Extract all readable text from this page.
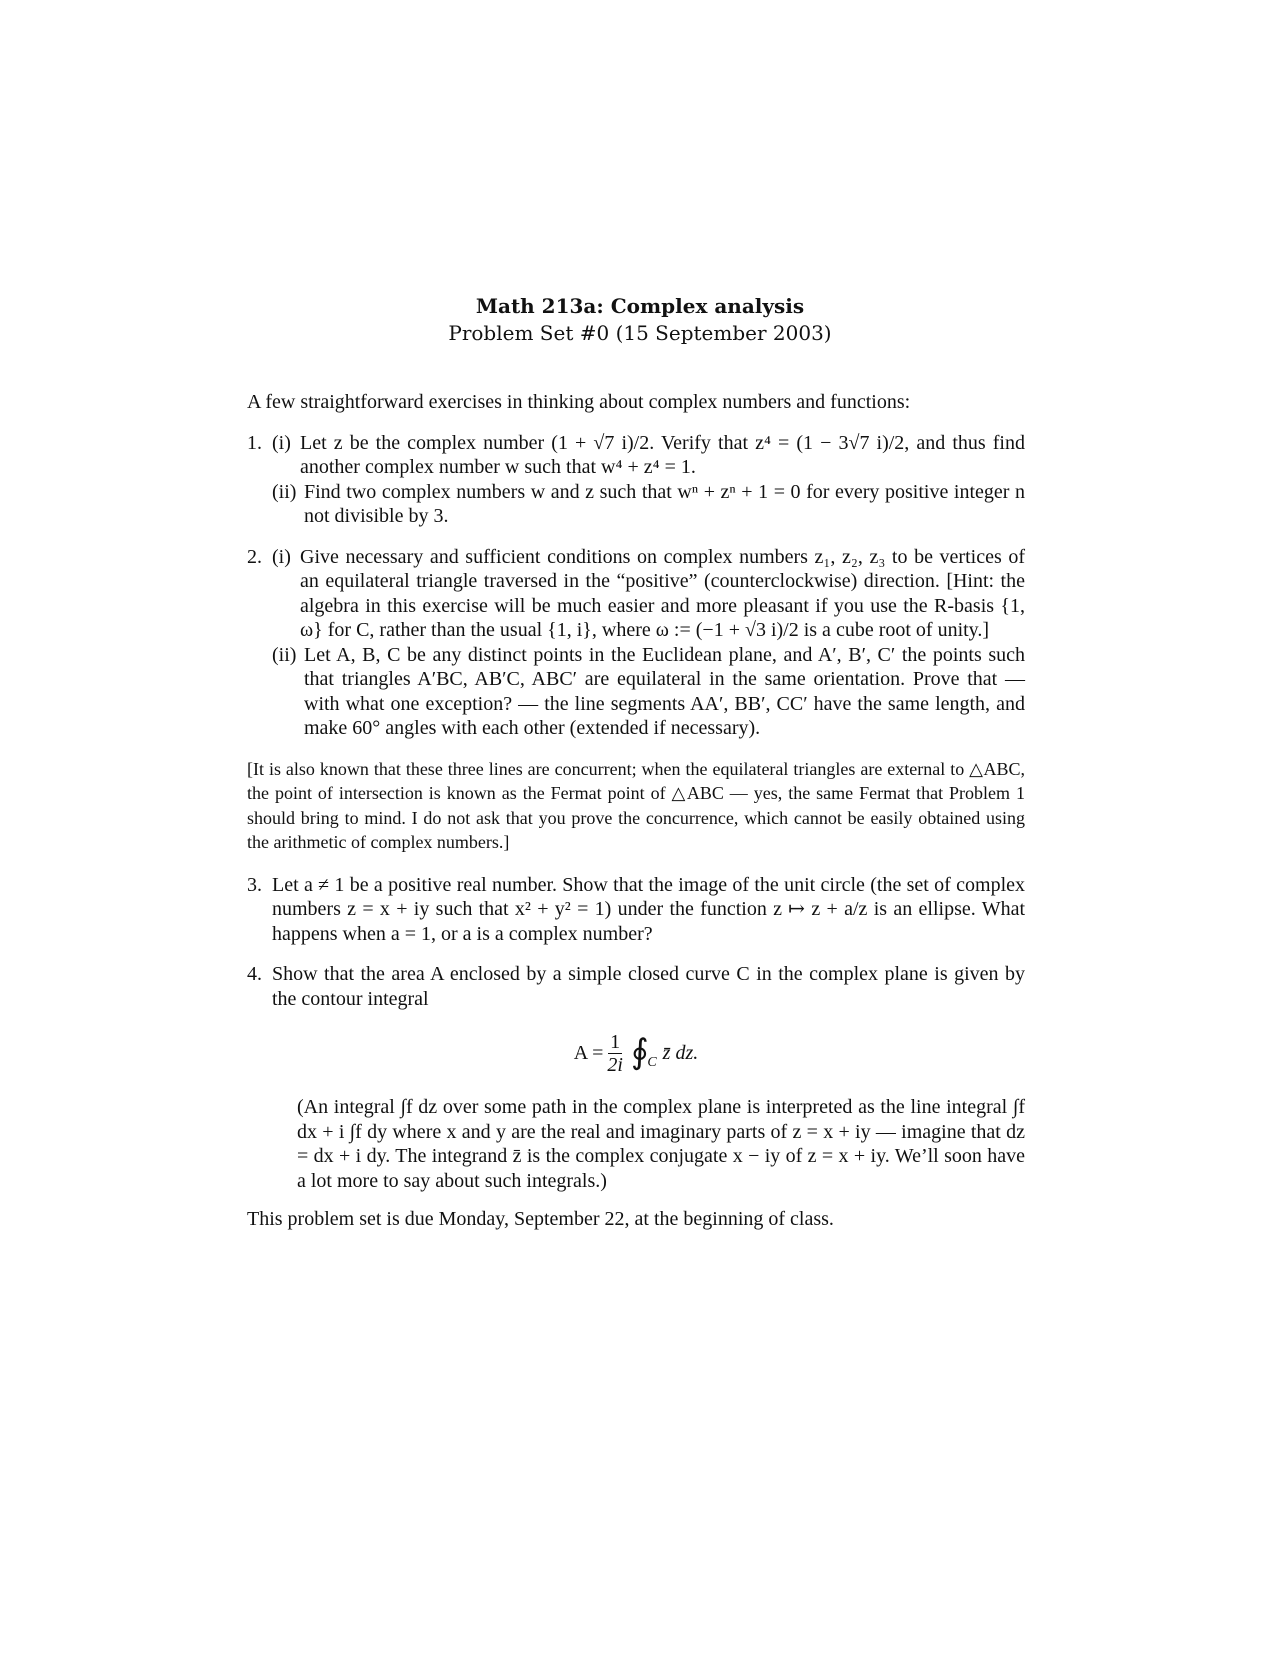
Math 213a: Complex analysis
Problem Set #0 (15 September 2003)

A few straightforward exercises in thinking about complex numbers and functions:

1. (i) Let z be the complex number (1 + √7 i)/2. Verify that z⁴ = (1 − 3√7 i)/2, and thus find another complex number w such that w⁴ + z⁴ = 1.
(ii) Find two complex numbers w and z such that wⁿ + zⁿ + 1 = 0 for every positive integer n not divisible by 3.
2. (i) Give necessary and sufficient conditions on complex numbers z₁, z₂, z₃ to be vertices of an equilateral triangle traversed in the “positive” (counterclockwise) direction. [Hint: the algebra in this exercise will be much easier and more pleasant if you use the R-basis {1, ω} for C, rather than the usual {1, i}, where ω := (−1 + √3 i)/2 is a cube root of unity.]
(ii) Let A, B, C be any distinct points in the Euclidean plane, and A′, B′, C′ the points such that triangles A′BC, AB′C, ABC′ are equilateral in the same orientation. Prove that — with what one exception? — the line segments AA′, BB′, CC′ have the same length, and make 60° angles with each other (extended if necessary).

[It is also known that these three lines are concurrent; when the equilateral triangles are external to △ABC, the point of intersection is known as the Fermat point of △ABC — yes, the same Fermat that Problem 1 should bring to mind. I do not ask that you prove the concurrence, which cannot be easily obtained using the arithmetic of complex numbers.]

3. Let a ≠ 1 be a positive real number. Show that the image of the unit circle (the set of complex numbers z = x + iy such that x² + y² = 1) under the function z ↦ z + a/z is an ellipse. What happens when a = 1, or a is a complex number?
4. Show that the area A enclosed by a simple closed curve C in the complex plane is given by the contour integral
$A = \frac{1}{2i}$ ∮
C z̄ dz.

(An integral ∫f dz over some path in the complex plane is interpreted as the line integral ∫f dx + i ∫f dy where x and y are the real and imaginary parts of z = x + iy — imagine that dz = dx + i dy. The integrand z̄ is the complex conjugate x − iy of z = x + iy. We’ll soon have a lot more to say about such integrals.)

This problem set is due Monday, September 22, at the beginning of class.
